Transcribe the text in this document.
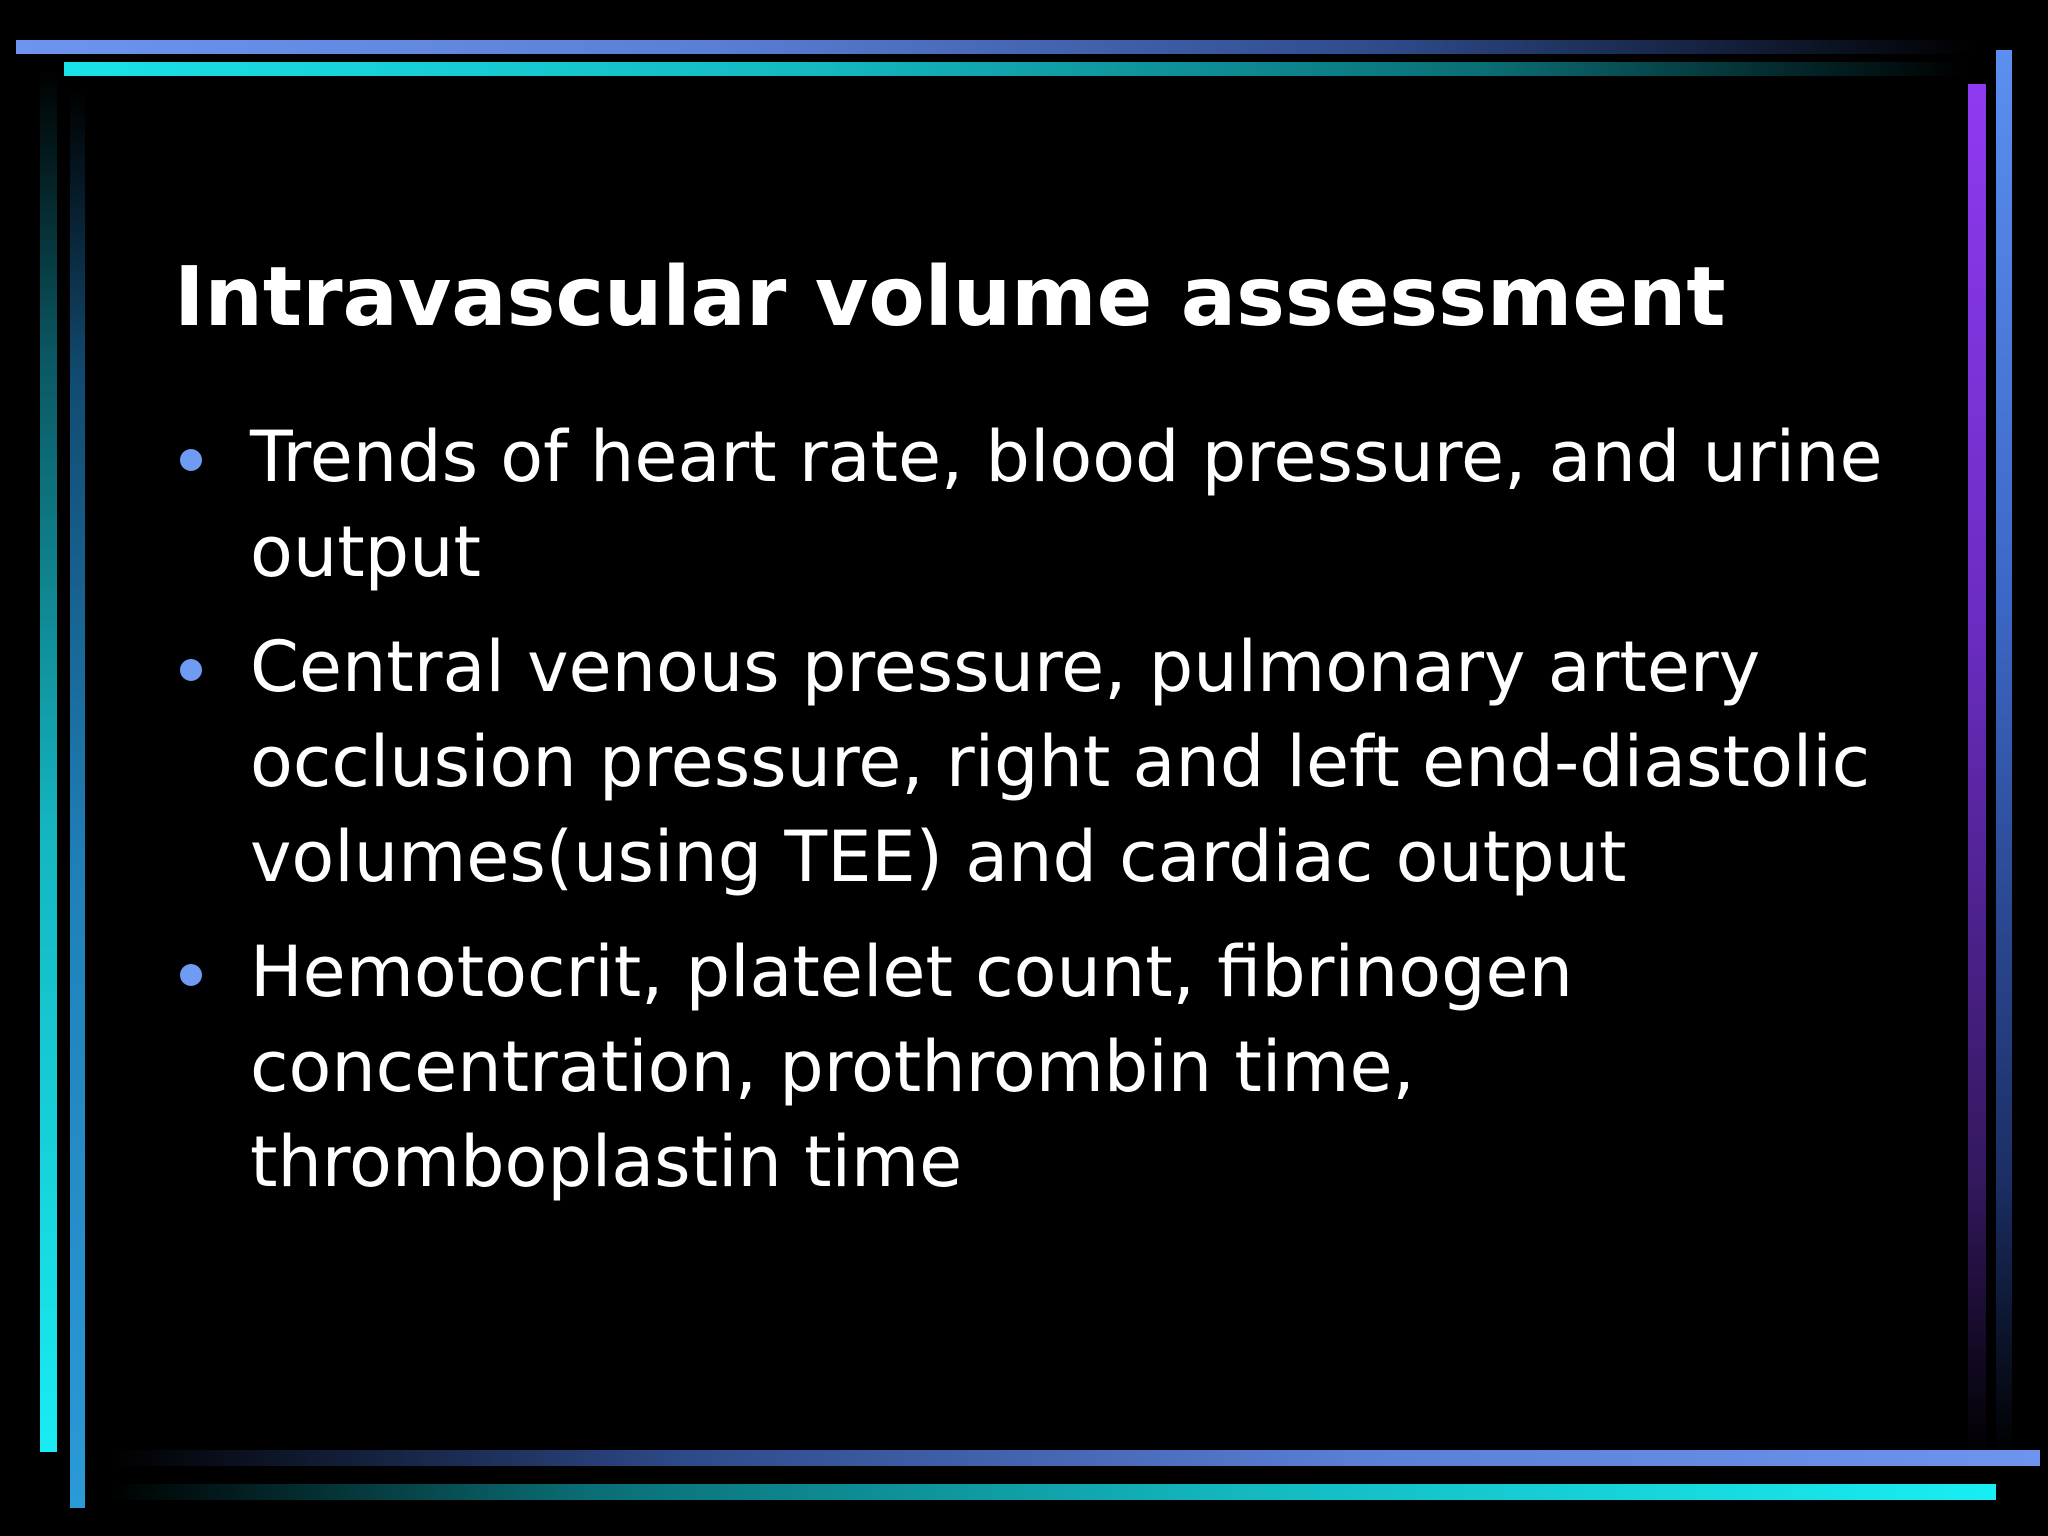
Intravascular volume assessment
Trends of heart rate, blood pressure, and urine
output
Central venous pressure, pulmonary artery
occlusion pressure, right and left end-diastolic
volumes(using TEE) and cardiac output
Hemotocrit, platelet count, fibrinogen
concentration, prothrombin time,
thromboplastin time
